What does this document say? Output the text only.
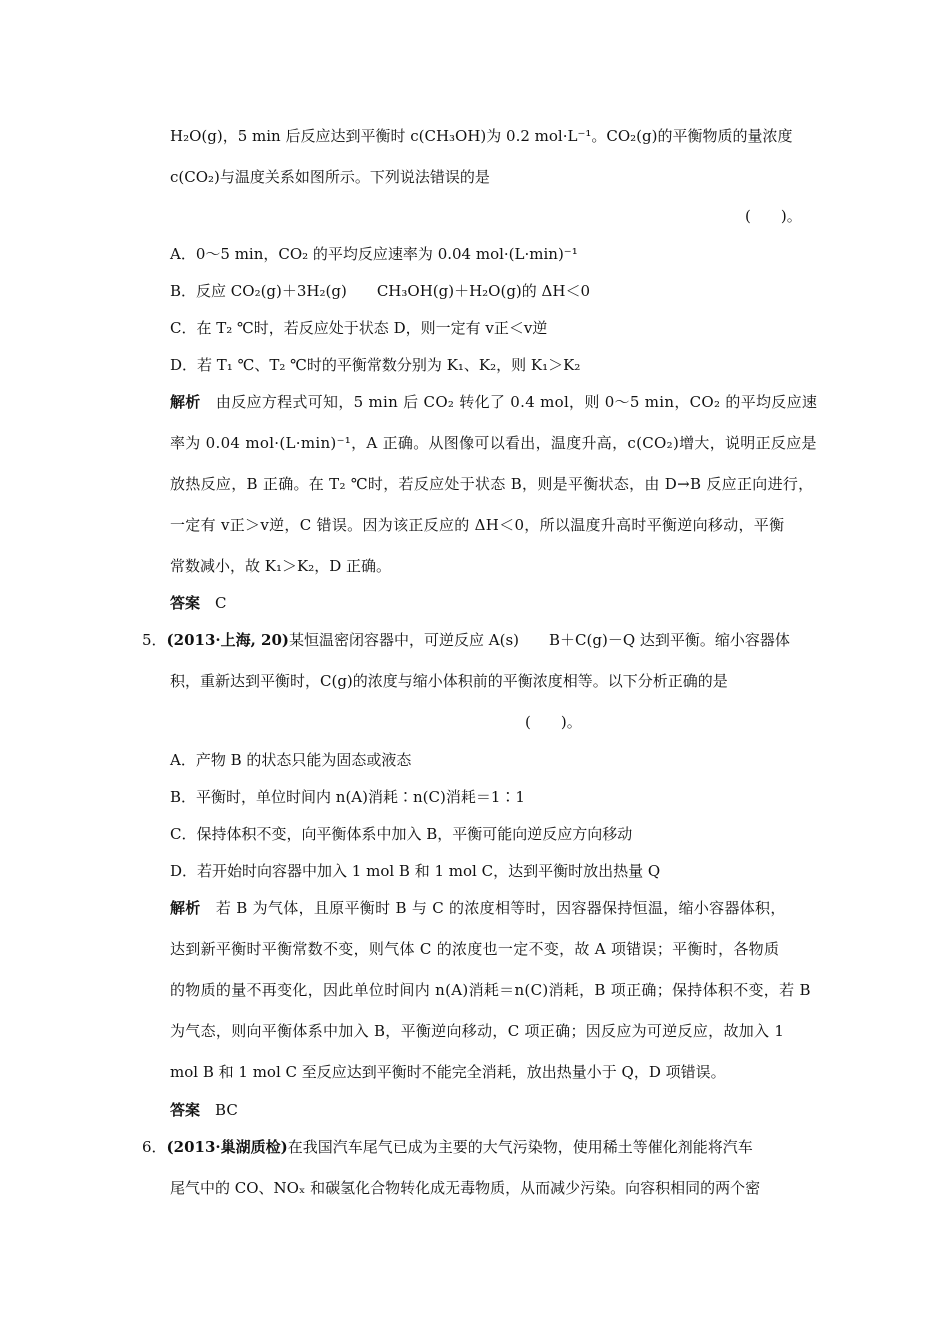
H₂O(g)，5 min 后反应达到平衡时 c(CH₃OH)为 0.2 mol·L⁻¹。CO₂(g)的平衡物质的量浓度
c(CO₂)与温度关系如图所示。下列说法错误的是
(　　)。
A．0～5 min，CO₂ 的平均反应速率为 0.04 mol·(L·min)⁻¹
B．反应 CO₂(g)＋3H₂(g)　　CH₃OH(g)＋H₂O(g)的 ΔH＜0
C．在 T₂ ℃时，若反应处于状态 D，则一定有 v正＜v逆
D．若 T₁ ℃、T₂ ℃时的平衡常数分别为 K₁、K₂，则 K₁＞K₂
解析　 由反应方程式可知，5 min 后 CO₂ 转化了 0.4 mol，则 0～5 min，CO₂ 的平均反应速
率为 0.04 mol·(L·min)⁻¹，A 正确。从图像可以看出，温度升高，c(CO₂)增大，说明正反应是
放热反应，B 正确。在 T₂ ℃时，若反应处于状态 B，则是平衡状态，由 D→B 反应正向进行，
一定有 v正＞v逆，C 错误。因为该正反应的 ΔH＜0，所以温度升高时平衡逆向移动，平衡
常数减小，故 K₁＞K₂，D 正确。
答案　 C
5．(2013·上海, 20)某恒温密闭容器中，可逆反应 A(s)　　B＋C(g)－Q 达到平衡。缩小容器体
积，重新达到平衡时，C(g)的浓度与缩小体积前的平衡浓度相等。以下分析正确的是
(　　)。
A．产物 B 的状态只能为固态或液态
B．平衡时，单位时间内 n(A)消耗∶n(C)消耗＝1∶1
C．保持体积不变，向平衡体系中加入 B，平衡可能向逆反应方向移动
D．若开始时向容器中加入 1 mol B 和 1 mol C，达到平衡时放出热量 Q
解析　 若 B 为气体，且原平衡时 B 与 C 的浓度相等时，因容器保持恒温，缩小容器体积，
达到新平衡时平衡常数不变，则气体 C 的浓度也一定不变，故 A 项错误；平衡时，各物质
的物质的量不再变化，因此单位时间内 n(A)消耗＝n(C)消耗，B 项正确；保持体积不变，若 B
为气态，则向平衡体系中加入 B，平衡逆向移动，C 项正确；因反应为可逆反应，故加入 1
mol B 和 1 mol C 至反应达到平衡时不能完全消耗，放出热量小于 Q，D 项错误。
答案　 BC
6．(2013·巢湖质检)在我国汽车尾气已成为主要的大气污染物，使用稀土等催化剂能将汽车
尾气中的 CO、NOₓ 和碳氢化合物转化成无毒物质，从而减少污染。向容积相同的两个密
